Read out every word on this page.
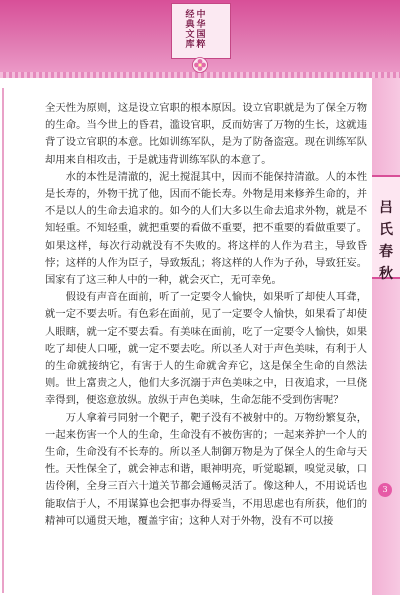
经典文库
中华国粹
吕氏春秋
3

全天性为原则，这是设立官职的根本原因。设立官职就是为了保全万物的生命。当今世上的昏君，滥设官职，反而妨害了万物的生长，这就违背了设立官职的本意。比如训练军队，是为了防备盗寇。现在训练军队却用来自相攻击，于是就违背训练军队的本意了。

水的本性是清澈的，泥土搅混其中，因而不能保持清澈。人的本性是长寿的，外物干扰了他，因而不能长寿。外物是用来修养生命的，并不是以人的生命去追求的。如今的人们大多以生命去追求外物，就是不知轻重。不知轻重，就把重要的看做不重要，把不重要的看做重要了。如果这样，每次行动就没有不失败的。将这样的人作为君主，导致昏悖；这样的人作为臣子，导致叛乱；将这样的人作为子孙，导致狂妄。国家有了这三种人中的一种，就会灭亡，无可幸免。

假设有声音在面前，听了一定要令人愉快，如果听了却使人耳聋，就一定不要去听。有色彩在面前，见了一定要令人愉快，如果看了却使人眼瞎，就一定不要去看。有美味在面前，吃了一定要令人愉快，如果吃了却使人口哑，就一定不要去吃。所以圣人对于声色美味，有利于人的生命就接纳它，有害于人的生命就舍弃它，这是保全生命的自然法则。世上富贵之人，他们大多沉溺于声色美味之中，日夜追求，一旦侥幸得到，便恣意放纵。放纵于声色美味，生命怎能不受到伤害呢？

万人拿着弓同射一个靶子，靶子没有不被射中的。万物纷繁复杂，一起来伤害一个人的生命，生命没有不被伤害的；一起来养护一个人的生命，生命没有不长寿的。所以圣人制御万物是为了保全人的生命与天性。天性保全了，就会神志和谐，眼神明亮，听觉聪颖，嗅觉灵敏，口齿伶俐，全身三百六十道关节都会通畅灵活了。像这种人，不用说话也能取信于人，不用谋算也会把事办得妥当，不用思虑也有所获，他们的精神可以通贯天地，覆盖宇宙；这种人对于外物，没有不可以接
